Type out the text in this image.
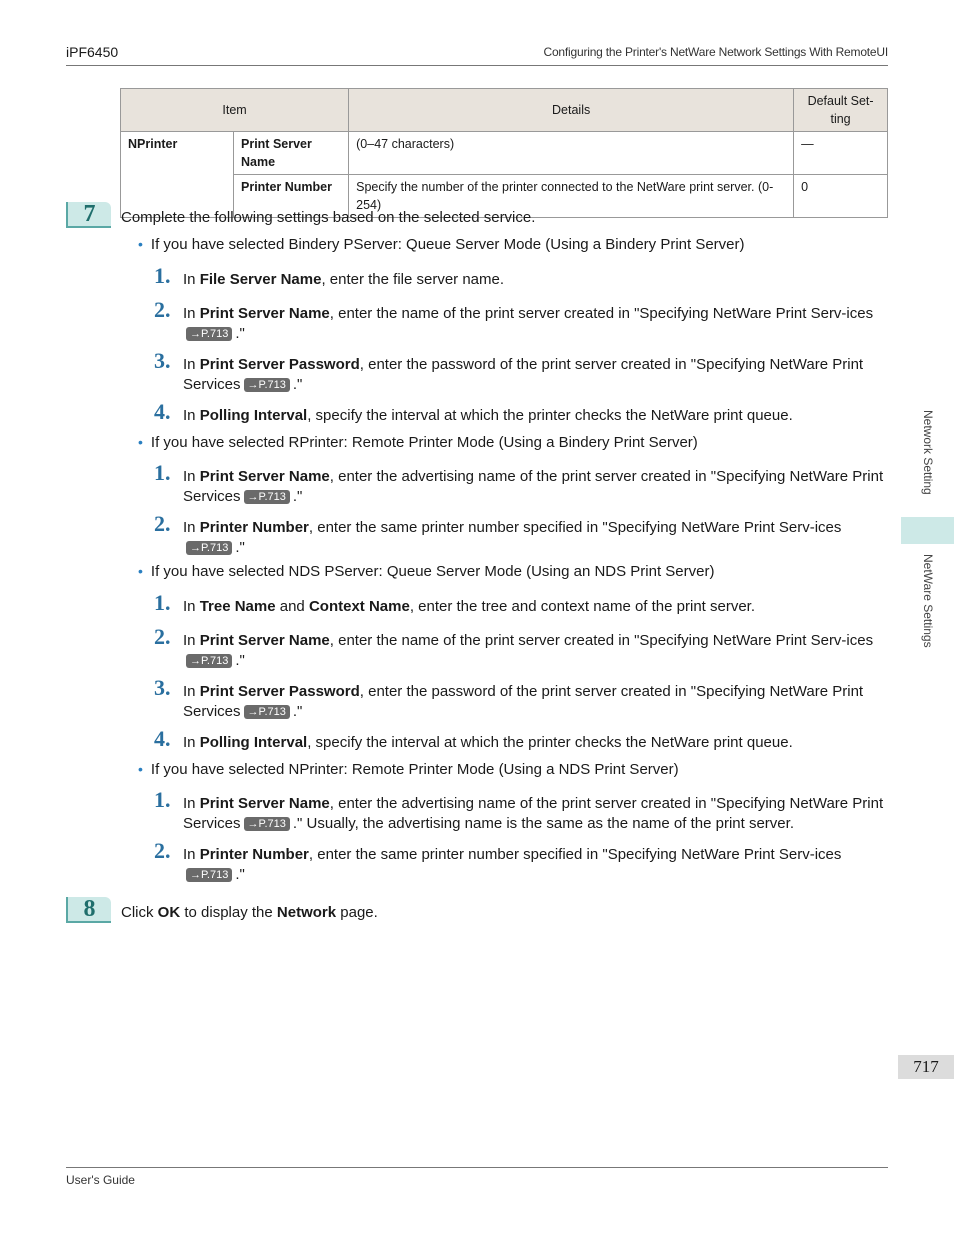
iPF6450	Configuring the Printer's NetWare Network Settings With RemoteUI
Item		Details	Default Set-ting
NPrinter	Print Server Name	(0–47 characters)	—
	Printer Number	Specify the number of the printer connected to the NetWare print server. (0-254)	0
7	Complete the following settings based on the selected service.
• If you have selected Bindery PServer: Queue Server Mode (Using a Bindery Print Server)
1. In File Server Name, enter the file server name.
2. In Print Server Name, enter the name of the print server created in "Specifying NetWare Print Serv-ices→P.713 ."
3. In Print Server Password, enter the password of the print server created in "Specifying NetWare Print Services →P.713 ."
4. In Polling Interval, specify the interval at which the printer checks the NetWare print queue.
• If you have selected RPrinter: Remote Printer Mode (Using a Bindery Print Server)
1. In Print Server Name, enter the advertising name of the print server created in "Specifying NetWare Print Services →P.713 ."
2. In Printer Number, enter the same printer number specified in "Specifying NetWare Print Serv-ices→P.713 ."
• If you have selected NDS PServer: Queue Server Mode (Using an NDS Print Server)
1. In Tree Name and Context Name, enter the tree and context name of the print server.
2. In Print Server Name, enter the name of the print server created in "Specifying NetWare Print Serv-ices→P.713 ."
3. In Print Server Password, enter the password of the print server created in "Specifying NetWare Print Services →P.713 ."
4. In Polling Interval, specify the interval at which the printer checks the NetWare print queue.
• If you have selected NPrinter: Remote Printer Mode (Using a NDS Print Server)
1. In Print Server Name, enter the advertising name of the print server created in "Specifying NetWare Print Services →P.713 ." Usually, the advertising name is the same as the name of the print server.
2. In Printer Number, enter the same printer number specified in "Specifying NetWare Print Serv-ices→P.713 ."
8	Click OK to display the Network page.
Network Setting
NetWare Settings
717
User's Guide
